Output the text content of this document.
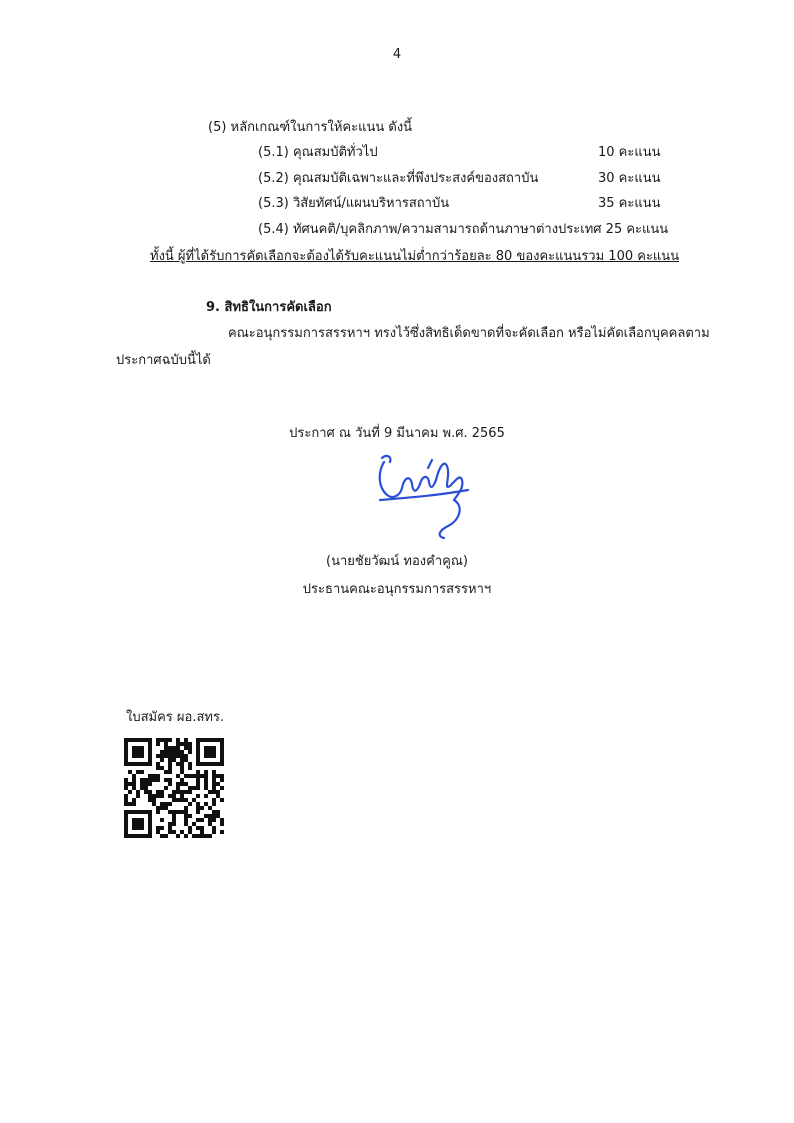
4
(5) หลักเกณฑ์ในการให้คะแนน ดังนี้
(5.1) คุณสมบัติทั่วไป	10 คะแนน
(5.2) คุณสมบัติเฉพาะและที่พึงประสงค์ของสถาบัน	30 คะแนน
(5.3) วิสัยทัศน์/แผนบริหารสถาบัน	35 คะแนน
(5.4) ทัศนคติ/บุคลิกภาพ/ความสามารถด้านภาษาต่างประเทศ 25 คะแนน
ทั้งนี้ ผู้ที่ได้รับการคัดเลือกจะต้องได้รับคะแนนไม่ต่ำกว่าร้อยละ 80 ของคะแนนรวม 100 คะแนน
9. สิทธิในการคัดเลือก
คณะอนุกรรมการสรรหาฯ ทรงไว้ซึ่งสิทธิเด็ดขาดที่จะคัดเลือก หรือไม่คัดเลือกบุคคลตาม
ประกาศฉบับนี้ได้
ประกาศ ณ วันที่ 9 มีนาคม พ.ศ. 2565
(นายชัยวัฒน์ ทองคำคูณ)
ประธานคณะอนุกรรมการสรรหาฯ
ใบสมัคร ผอ.สทร.
